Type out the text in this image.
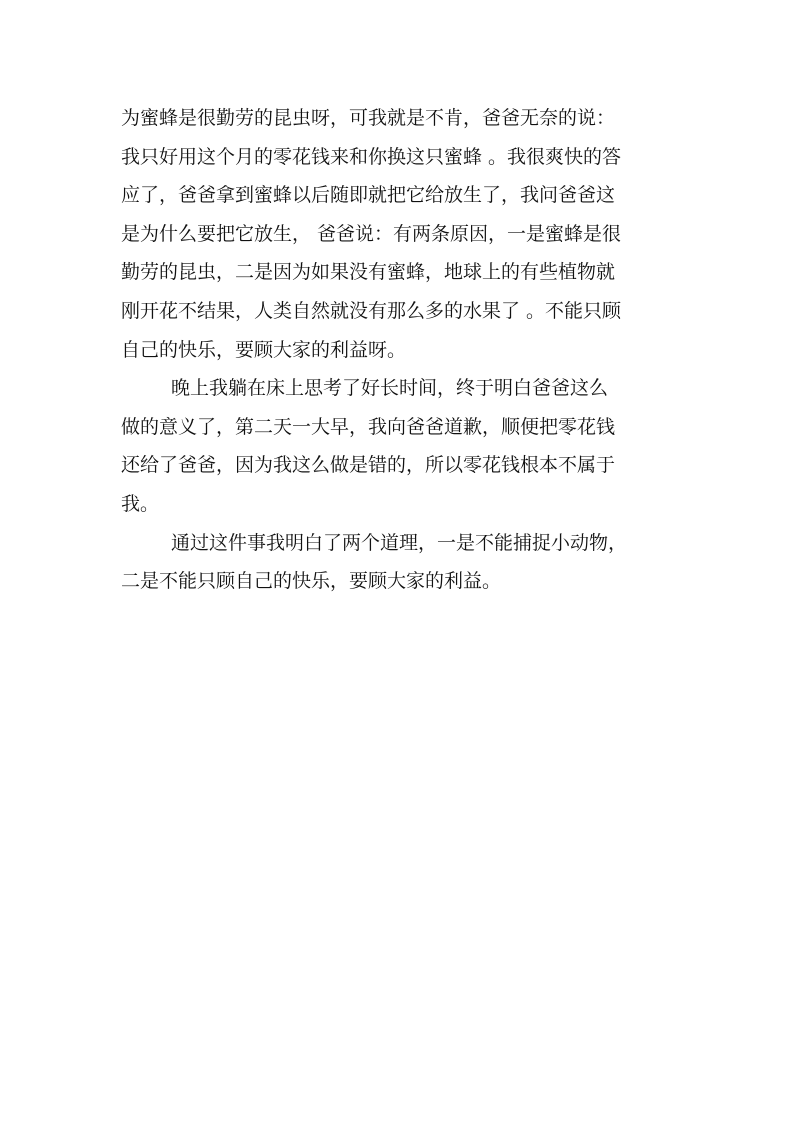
为蜜蜂是很勤劳的昆虫呀，可我就是不肯，爸爸无奈的说：
我只好用这个月的零花钱来和你换这只蜜蜂 。我很爽快的答
应了，爸爸拿到蜜蜂以后随即就把它给放生了，我问爸爸这
是为什么要把它放生， 爸爸说：有两条原因，一是蜜蜂是很
勤劳的昆虫，二是因为如果没有蜜蜂，地球上的有些植物就
刚开花不结果，人类自然就没有那么多的水果了 。不能只顾
自己的快乐，要顾大家的利益呀。
晚上我躺在床上思考了好长时间，终于明白爸爸这么
做的意义了，第二天一大早，我向爸爸道歉，顺便把零花钱
还给了爸爸，因为我这么做是错的，所以零花钱根本不属于
我。
通过这件事我明白了两个道理，一是不能捕捉小动物，
二是不能只顾自己的快乐，要顾大家的利益。
